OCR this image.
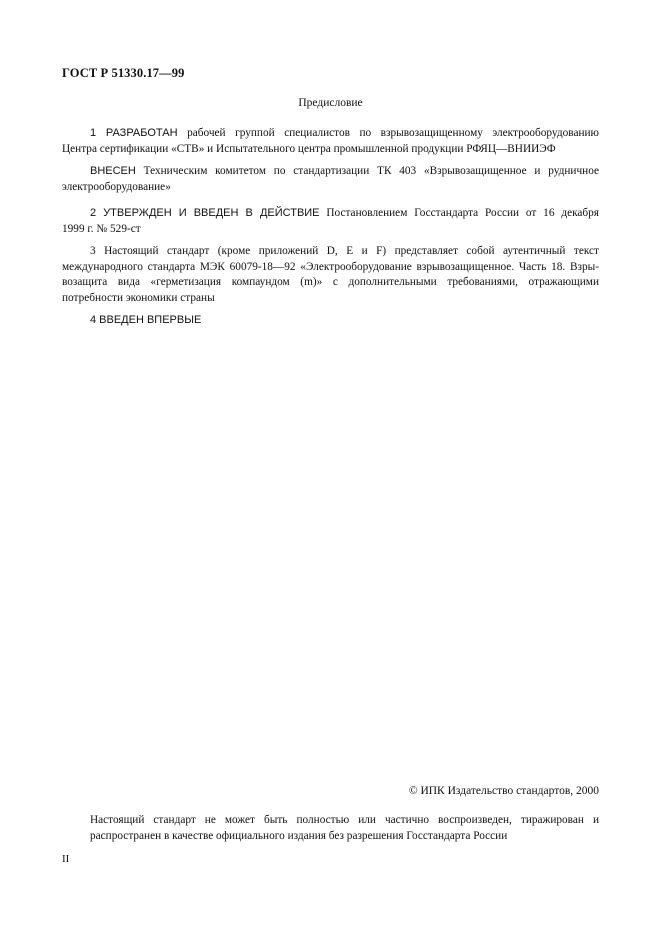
ГОСТ Р 51330.17—99
Предисловие
1 РАЗРАБОТАН рабочей группой специалистов по взрывозащищенному электрооборудованию
Центра сертификации «СТВ» и Испытательного центра промышленной продукции РФЯЦ—ВНИИЭФ
ВНЕСЕН Техническим комитетом по стандартизации ТК 403 «Взрывозащищенное и рудничное
электрооборудование»
2 УТВЕРЖДЕН И ВВЕДЕН В ДЕЙСТВИЕ Постановлением Госстандарта России от 16 декабря
1999 г. № 529-ст
3 Настоящий стандарт (кроме приложений D, E и F) представляет собой аутентичный текст
международного стандарта МЭК 60079-18—92 «Электрооборудование взрывозащищенное. Часть 18. Взры-
возащита вида «герметизация компаундом (m)» с дополнительными требованиями, отражающими
потребности экономики страны
4 ВВЕДЕН ВПЕРВЫЕ
© ИПК Издательство стандартов, 2000
Настоящий стандарт не может быть полностью или частично воспроизведен, тиражирован и
распространен в качестве официального издания без разрешения Госстандарта России
II
